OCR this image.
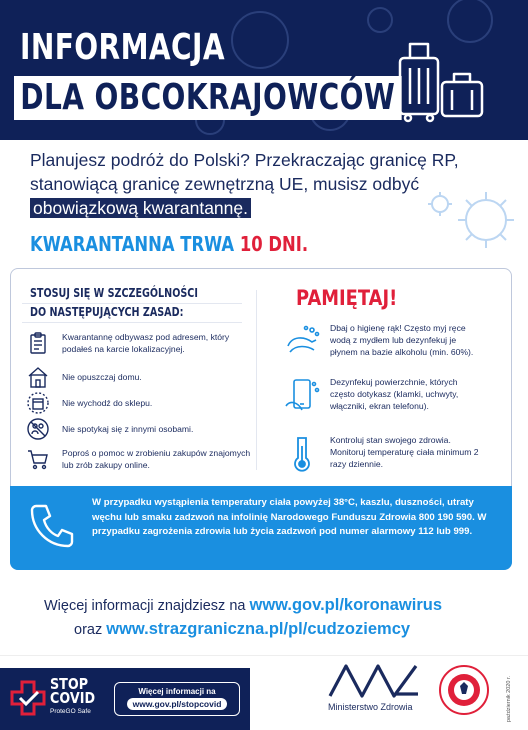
INFORMACJA
DLA OBCOKRAJOWCÓW
Planujesz podróż do Polski? Przekraczając granicę RP, stanowiącą granicę zewnętrzną UE, musisz odbyć obowiązkową kwarantannę.
KWARANTANNA TRWA 10 DNI.
STOSUJ SIĘ W SZCZEGÓLNOŚCI
DO NASTĘPUJĄCYCH ZASAD:
Kwarantannę odbywasz pod adresem, który podałeś na karcie lokalizacyjnej.
Nie opuszczaj domu.
Nie wychodź do sklepu.
Nie spotykaj się z innymi osobami.
Poproś o pomoc w zrobieniu zakupów znajomych lub zrób zakupy online.
PAMIĘTAJ!
Dbaj o higienę rąk! Często myj ręce wodą z mydłem lub dezynfekuj je płynem na bazie alkoholu (min. 60%).
Dezynfekuj powierzchnie, których często dotykasz (klamki, uchwyty, włączniki, ekran telefonu).
Kontroluj stan swojego zdrowia. Monitoruj temperaturę ciała minimum 2 razy dziennie.
W przypadku wystąpienia temperatury ciała powyżej 38°C, kaszlu, duszności, utraty węchu lub smaku zadzwoń na infolinię Narodowego Funduszu Zdrowia 800 190 590. W przypadku zagrożenia zdrowia lub życia zadzwoń pod numer alarmowy 112 lub 999.
Więcej informacji znajdziesz na www.gov.pl/koronawirus
oraz www.strazgraniczna.pl/pl/cudzoziemcy
STOP
COVID
ProteGO Safe
Więcej informacji na
www.gov.pl/stopcovid	Ministerstwo Zdrowia	październik 2020 r.
